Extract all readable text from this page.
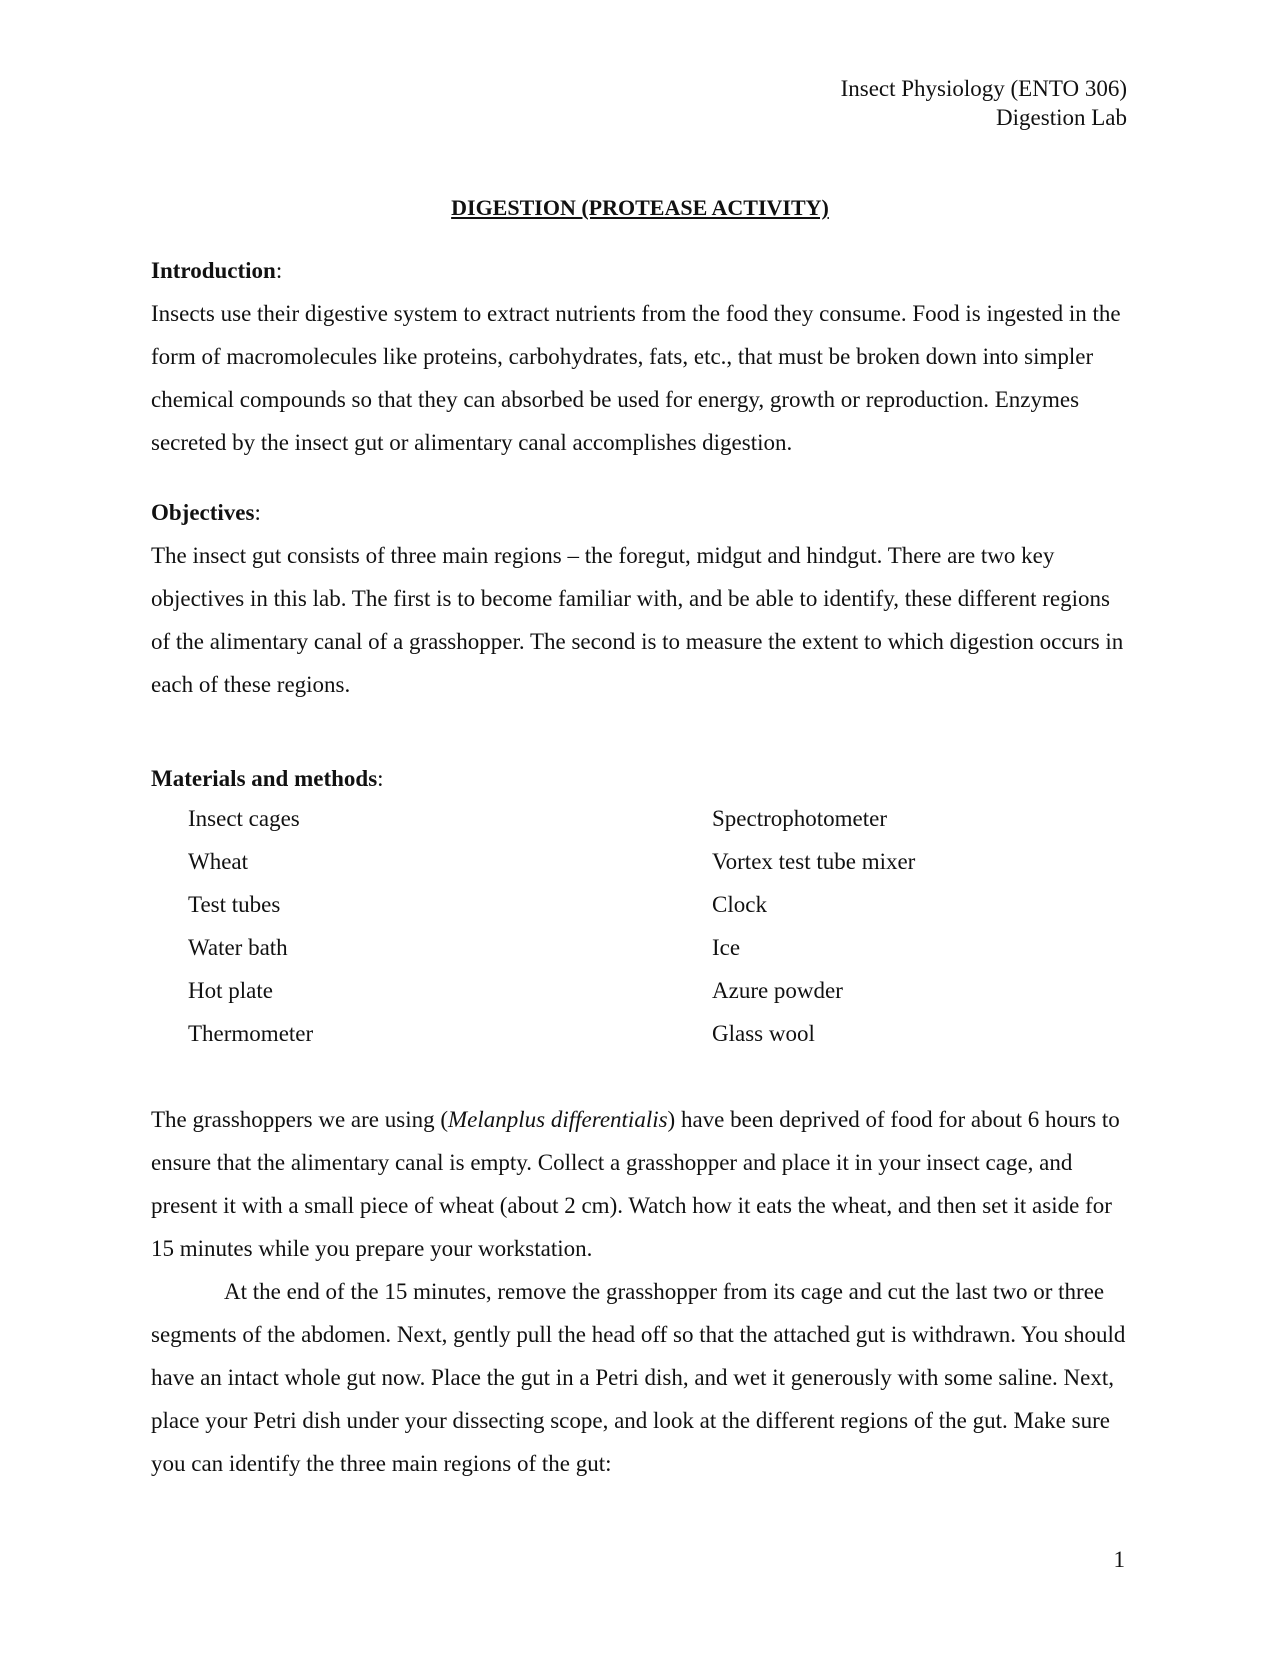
Insect Physiology (ENTO 306)
Digestion Lab
DIGESTION (PROTEASE ACTIVITY)
Introduction:

Insects use their digestive system to extract nutrients from the food they consume. Food is ingested in the form of macromolecules like proteins, carbohydrates, fats, etc., that must be broken down into simpler chemical compounds so that they can absorbed be used for energy, growth or reproduction. Enzymes secreted by the insect gut or alimentary canal accomplishes digestion.

Objectives:

The insect gut consists of three main regions – the foregut, midgut and hindgut. There are two key objectives in this lab. The first is to become familiar with, and be able to identify, these different regions of the alimentary canal of a grasshopper. The second is to measure the extent to which digestion occurs in each of these regions.

Materials and methods:
Insect cages	Spectrophotometer
Wheat	Vortex test tube mixer
Test tubes	Clock
Water bath	Ice
Hot plate	Azure powder
Thermometer	Glass wool

The grasshoppers we are using (Melanplus differentialis) have been deprived of food for about 6 hours to ensure that the alimentary canal is empty. Collect a grasshopper and place it in your insect cage, and present it with a small piece of wheat (about 2 cm). Watch how it eats the wheat, and then set it aside for 15 minutes while you prepare your workstation.

At the end of the 15 minutes, remove the grasshopper from its cage and cut the last two or three segments of the abdomen. Next, gently pull the head off so that the attached gut is withdrawn. You should have an intact whole gut now. Place the gut in a Petri dish, and wet it generously with some saline. Next, place your Petri dish under your dissecting scope, and look at the different regions of the gut. Make sure you can identify the three main regions of the gut:

1
